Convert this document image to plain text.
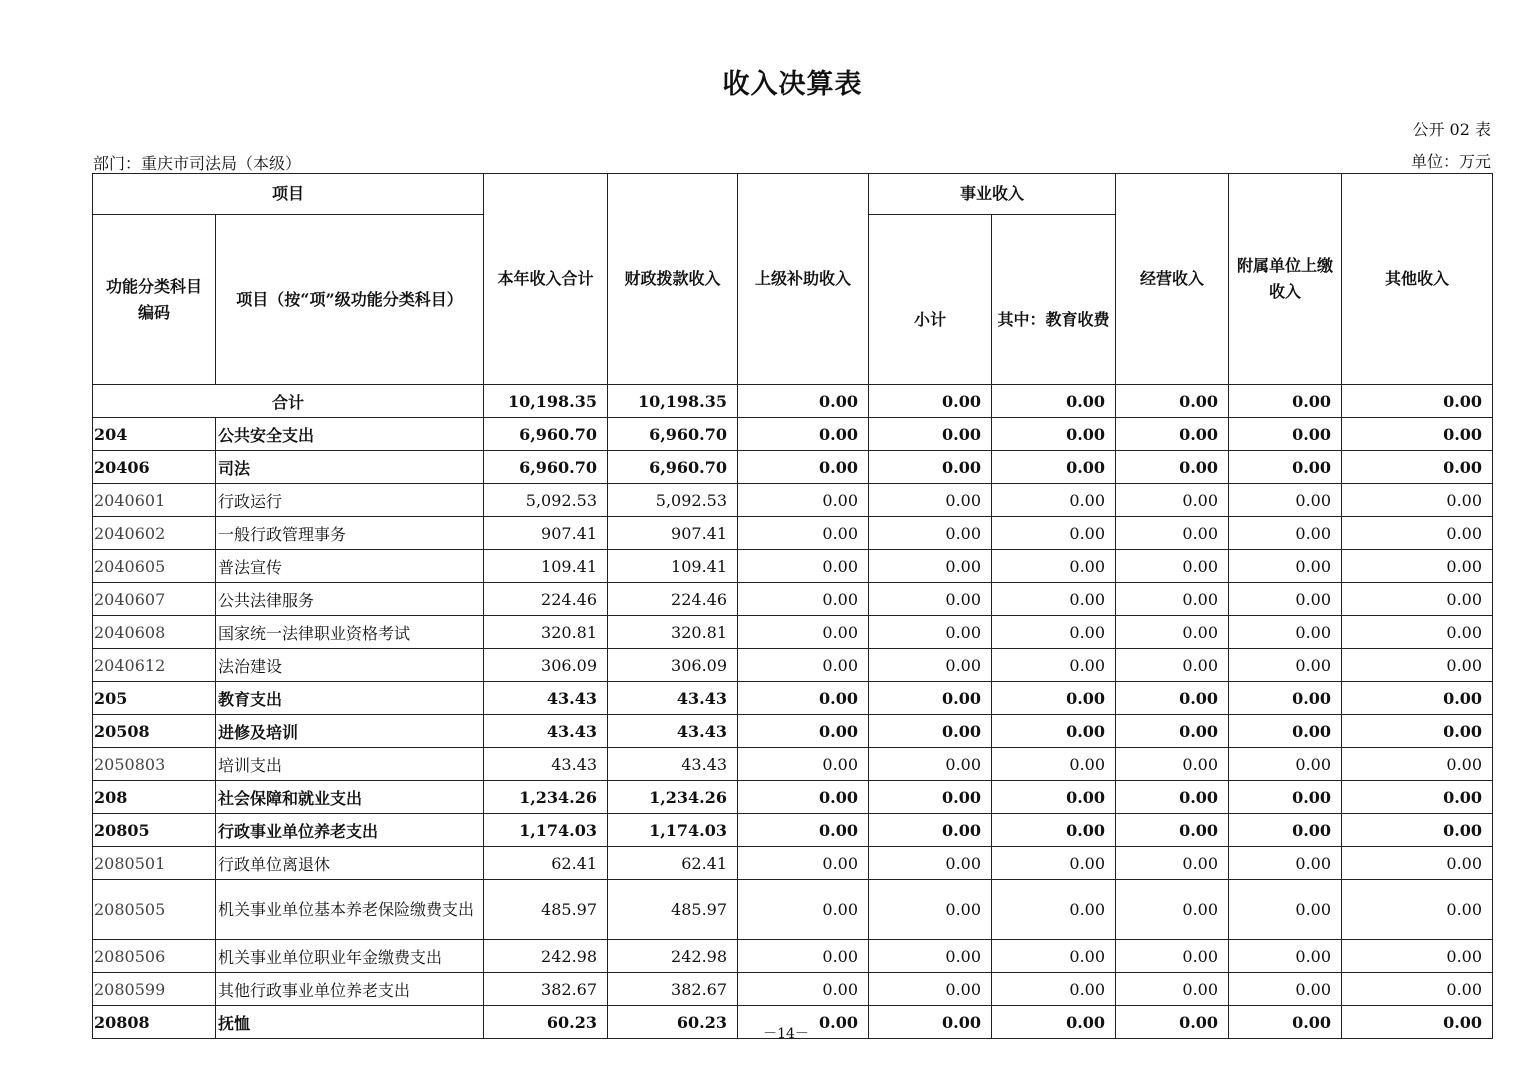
收入决算表
公开 02 表
部门：重庆市司法局（本级）	单位：万元
项目		本年收入合计	财政拨款收入	上级补助收入	事业收入		经营收入	附属单位上缴收入	其他收入
功能分类科目编码	项目（按“项”级功能分类科目）				小计	其中：教育收费			
合计		10,198.35	10,198.35	0.00	0.00	0.00	0.00	0.00	0.00
204	公共安全支出	6,960.70	6,960.70	0.00	0.00	0.00	0.00	0.00	0.00
20406	司法	6,960.70	6,960.70	0.00	0.00	0.00	0.00	0.00	0.00
2040601	行政运行	5,092.53	5,092.53	0.00	0.00	0.00	0.00	0.00	0.00
2040602	一般行政管理事务	907.41	907.41	0.00	0.00	0.00	0.00	0.00	0.00
2040605	普法宣传	109.41	109.41	0.00	0.00	0.00	0.00	0.00	0.00
2040607	公共法律服务	224.46	224.46	0.00	0.00	0.00	0.00	0.00	0.00
2040608	国家统一法律职业资格考试	320.81	320.81	0.00	0.00	0.00	0.00	0.00	0.00
2040612	法治建设	306.09	306.09	0.00	0.00	0.00	0.00	0.00	0.00
205	教育支出	43.43	43.43	0.00	0.00	0.00	0.00	0.00	0.00
20508	进修及培训	43.43	43.43	0.00	0.00	0.00	0.00	0.00	0.00
2050803	培训支出	43.43	43.43	0.00	0.00	0.00	0.00	0.00	0.00
208	社会保障和就业支出	1,234.26	1,234.26	0.00	0.00	0.00	0.00	0.00	0.00
20805	行政事业单位养老支出	1,174.03	1,174.03	0.00	0.00	0.00	0.00	0.00	0.00
2080501	行政单位离退休	62.41	62.41	0.00	0.00	0.00	0.00	0.00	0.00
2080505	机关事业单位基本养老保险缴费支出	485.97	485.97	0.00	0.00	0.00	0.00	0.00	0.00
2080506	机关事业单位职业年金缴费支出	242.98	242.98	0.00	0.00	0.00	0.00	0.00	0.00
2080599	其他行政事业单位养老支出	382.67	382.67	0.00	0.00	0.00	0.00	0.00	0.00
20808	抚恤	60.23	60.23	0.00	0.00	0.00	0.00	0.00	0.00
－14－
